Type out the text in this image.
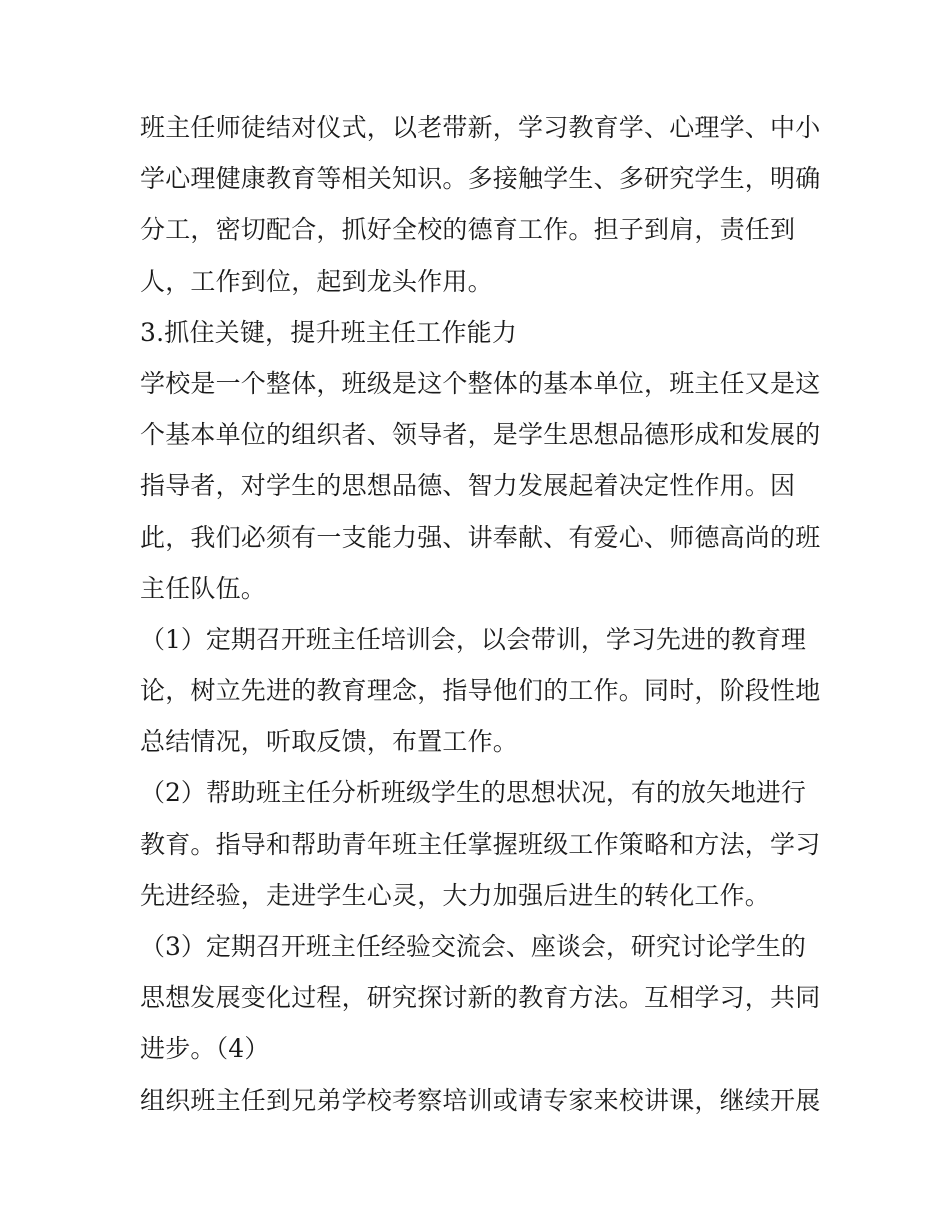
班主任师徒结对仪式，以老带新，学习教育学、心理学、中小
学心理健康教育等相关知识。多接触学生、多研究学生，明确
分工，密切配合，抓好全校的德育工作。担子到肩，责任到
人，工作到位，起到龙头作用。
3.抓住关键，提升班主任工作能力
学校是一个整体，班级是这个整体的基本单位，班主任又是这
个基本单位的组织者、领导者，是学生思想品德形成和发展的
指导者，对学生的思想品德、智力发展起着决定性作用。因
此，我们必须有一支能力强、讲奉献、有爱心、师德高尚的班
主任队伍。
（1）定期召开班主任培训会，以会带训，学习先进的教育理
论，树立先进的教育理念，指导他们的工作。同时，阶段性地
总结情况，听取反馈，布置工作。
（2）帮助班主任分析班级学生的思想状况，有的放矢地进行
教育。指导和帮助青年班主任掌握班级工作策略和方法，学习
先进经验，走进学生心灵，大力加强后进生的转化工作。
（3）定期召开班主任经验交流会、座谈会，研究讨论学生的
思想发展变化过程，研究探讨新的教育方法。互相学习，共同
进步。（4）
组织班主任到兄弟学校考察培训或请专家来校讲课，继续开展
